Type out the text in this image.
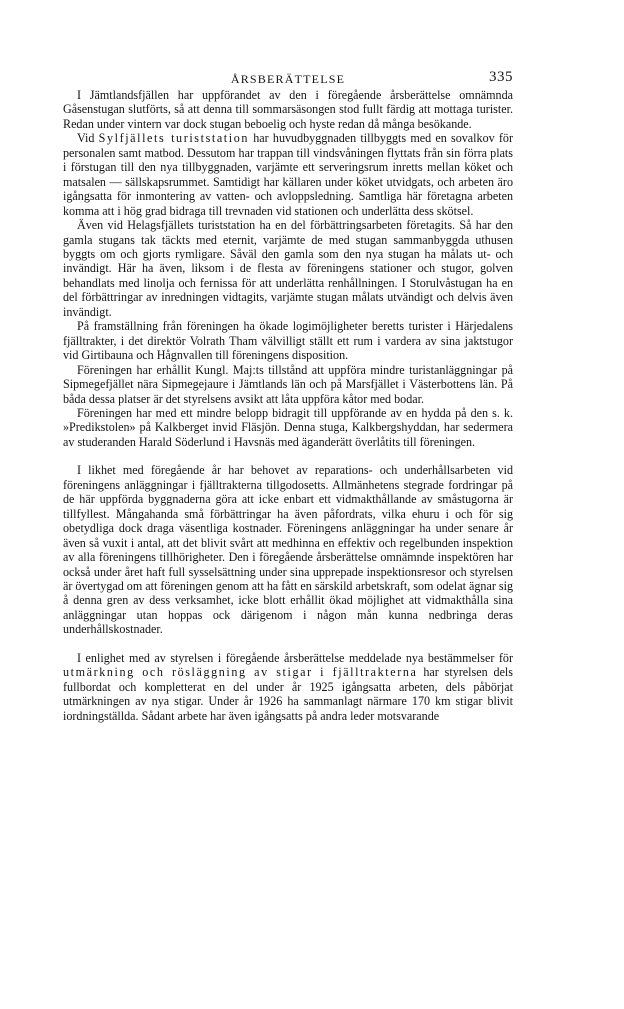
ÅRSBERÄTTELSE	335

I Jämtlandsfjällen har uppförandet av den i föregående årsberättelse omnämnda Gåsenstugan slutförts, så att denna till sommarsäsongen stod fullt färdig att mottaga turister. Redan under vintern var dock stugan beboelig och hyste redan då många besökande.

Vid Sylfjällets turiststation har huvudbyggnaden tillbyggts med en sovalkov för personalen samt matbod. Dessutom har trappan till vindsvåningen flyttats från sin förra plats i förstugan till den nya tillbyggnaden, varjämte ett serveringsrum inretts mellan köket och matsalen — sällskapsrummet. Samtidigt har källaren under köket utvidgats, och arbeten äro igångsatta för inmontering av vatten- och avloppsledning. Samtliga här företagna arbeten komma att i hög grad bidraga till trevnaden vid stationen och underlätta dess skötsel.

Även vid Helagsfjällets turiststation ha en del förbättringsarbeten företagits. Så har den gamla stugans tak täckts med eternit, varjämte de med stugan sammanbyggda uthusen byggts om och gjorts rymligare. Såväl den gamla som den nya stugan ha målats ut- och invändigt. Här ha även, liksom i de flesta av föreningens stationer och stugor, golven behandlats med linolja och fernissa för att underlätta renhållningen. I Storulvåstugan ha en del förbättringar av inredningen vidtagits, varjämte stugan målats utvändigt och delvis även invändigt.

På framställning från föreningen ha ökade logimöjligheter beretts turister i Härjedalens fjälltrakter, i det direktör Volrath Tham välvilligt ställt ett rum i vardera av sina jaktstugor vid Girtibauna och Hågnvallen till föreningens disposition.

Föreningen har erhållit Kungl. Maj:ts tillstånd att uppföra mindre turistanläggningar på Sipmegefjället nära Sipmegejaure i Jämtlands län och på Marsfjället i Västerbottens län. På båda dessa platser är det styrelsens avsikt att låta uppföra kåtor med bodar.

Föreningen har med ett mindre belopp bidragit till uppförande av en hydda på den s. k. »Predikstolen» på Kalkberget invid Fläsjön. Denna stuga, Kalkbergshyddan, har sedermera av studeranden Harald Söderlund i Havsnäs med äganderätt överlåtits till föreningen.

I likhet med föregående år har behovet av reparations- och underhållsarbeten vid föreningens anläggningar i fjälltrakterna tillgodosetts. Allmänhetens stegrade fordringar på de här uppförda byggnaderna göra att icke enbart ett vidmakthållande av småstugorna är tillfyllest. Mångahanda små förbättringar ha även påfordrats, vilka ehuru i och för sig obetydliga dock draga väsentliga kostnader. Föreningens anläggningar ha under senare år även så vuxit i antal, att det blivit svårt att medhinna en effektiv och regelbunden inspektion av alla föreningens tillhörigheter. Den i föregående årsberättelse omnämnde inspektören har också under året haft full sysselsättning under sina upprepade inspektionsresor och styrelsen är övertygad om att föreningen genom att ha fått en särskild arbetskraft, som odelat ägnar sig å denna gren av dess verksamhet, icke blott erhållit ökad möjlighet att vidmakthålla sina anläggningar utan hoppas ock därigenom i någon mån kunna nedbringa deras underhållskostnader.

I enlighet med av styrelsen i föregående årsberättelse meddelade nya bestämmelser för utmärkning och rösläggning av stigar i fjälltrakterna har styrelsen dels fullbordat och kompletterat en del under år 1925 igångsatta arbeten, dels påbörjat utmärkningen av nya stigar. Under år 1926 ha sammanlagt närmare 170 km stigar blivit iordningställda. Sådant arbete har även igångsatts på andra leder motsvarande
